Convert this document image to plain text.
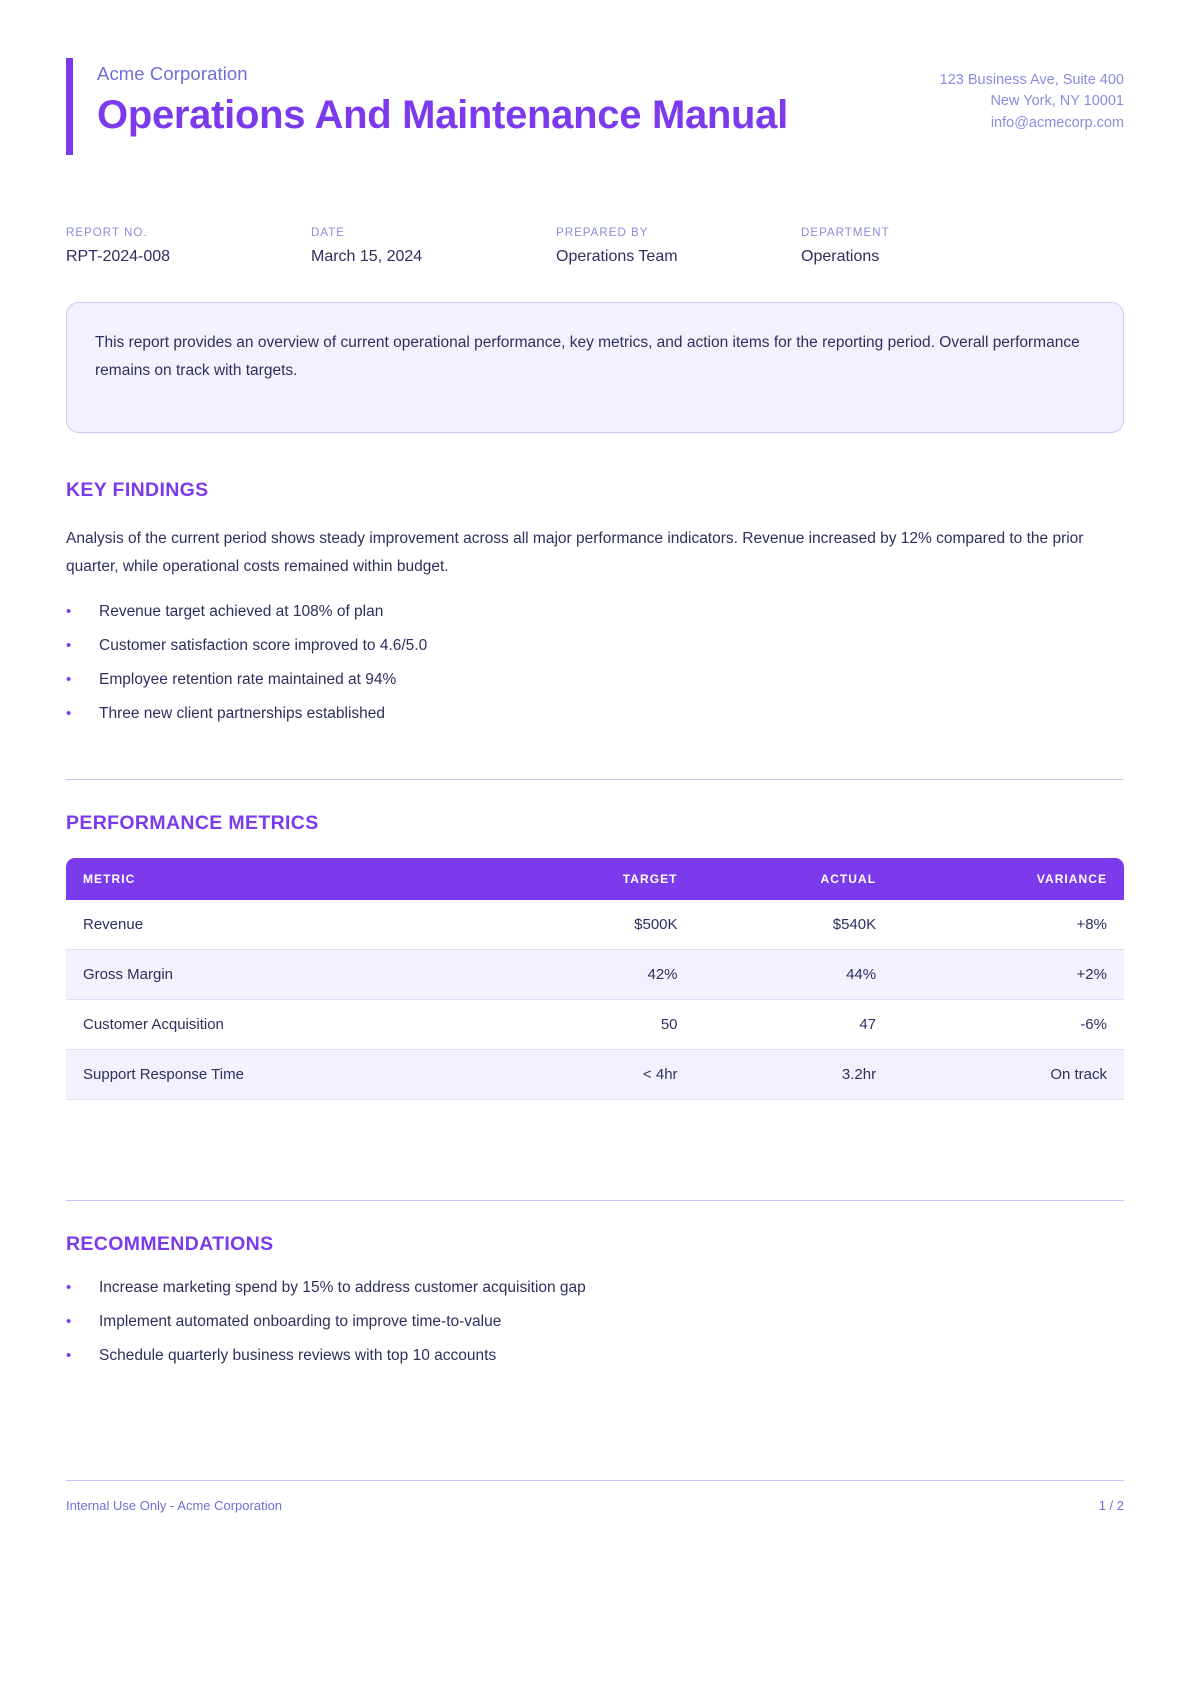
Acme Corporation
Operations And Maintenance Manual
123 Business Ave, Suite 400
New York, NY 10001
info@acmecorp.com
REPORT NO.
RPT-2024-008
DATE
March 15, 2024
PREPARED BY
Operations Team
DEPARTMENT
Operations
This report provides an overview of current operational performance, key metrics, and action items for the reporting period. Overall performance remains on track with targets.
KEY FINDINGS
Analysis of the current period shows steady improvement across all major performance indicators. Revenue increased by 12% compared to the prior quarter, while operational costs remained within budget.
•	Revenue target achieved at 108% of plan
•	Customer satisfaction score improved to 4.6/5.0
•	Employee retention rate maintained at 94%
•	Three new client partnerships established
PERFORMANCE METRICS
METRIC	TARGET	ACTUAL	VARIANCE
Revenue	$500K	$540K	+8%
Gross Margin	42%	44%	+2%
Customer Acquisition	50	47	-6%
Support Response Time	< 4hr	3.2hr	On track
RECOMMENDATIONS
•	Increase marketing spend by 15% to address customer acquisition gap
•	Implement automated onboarding to improve time-to-value
•	Schedule quarterly business reviews with top 10 accounts
Internal Use Only - Acme Corporation	1 / 2
